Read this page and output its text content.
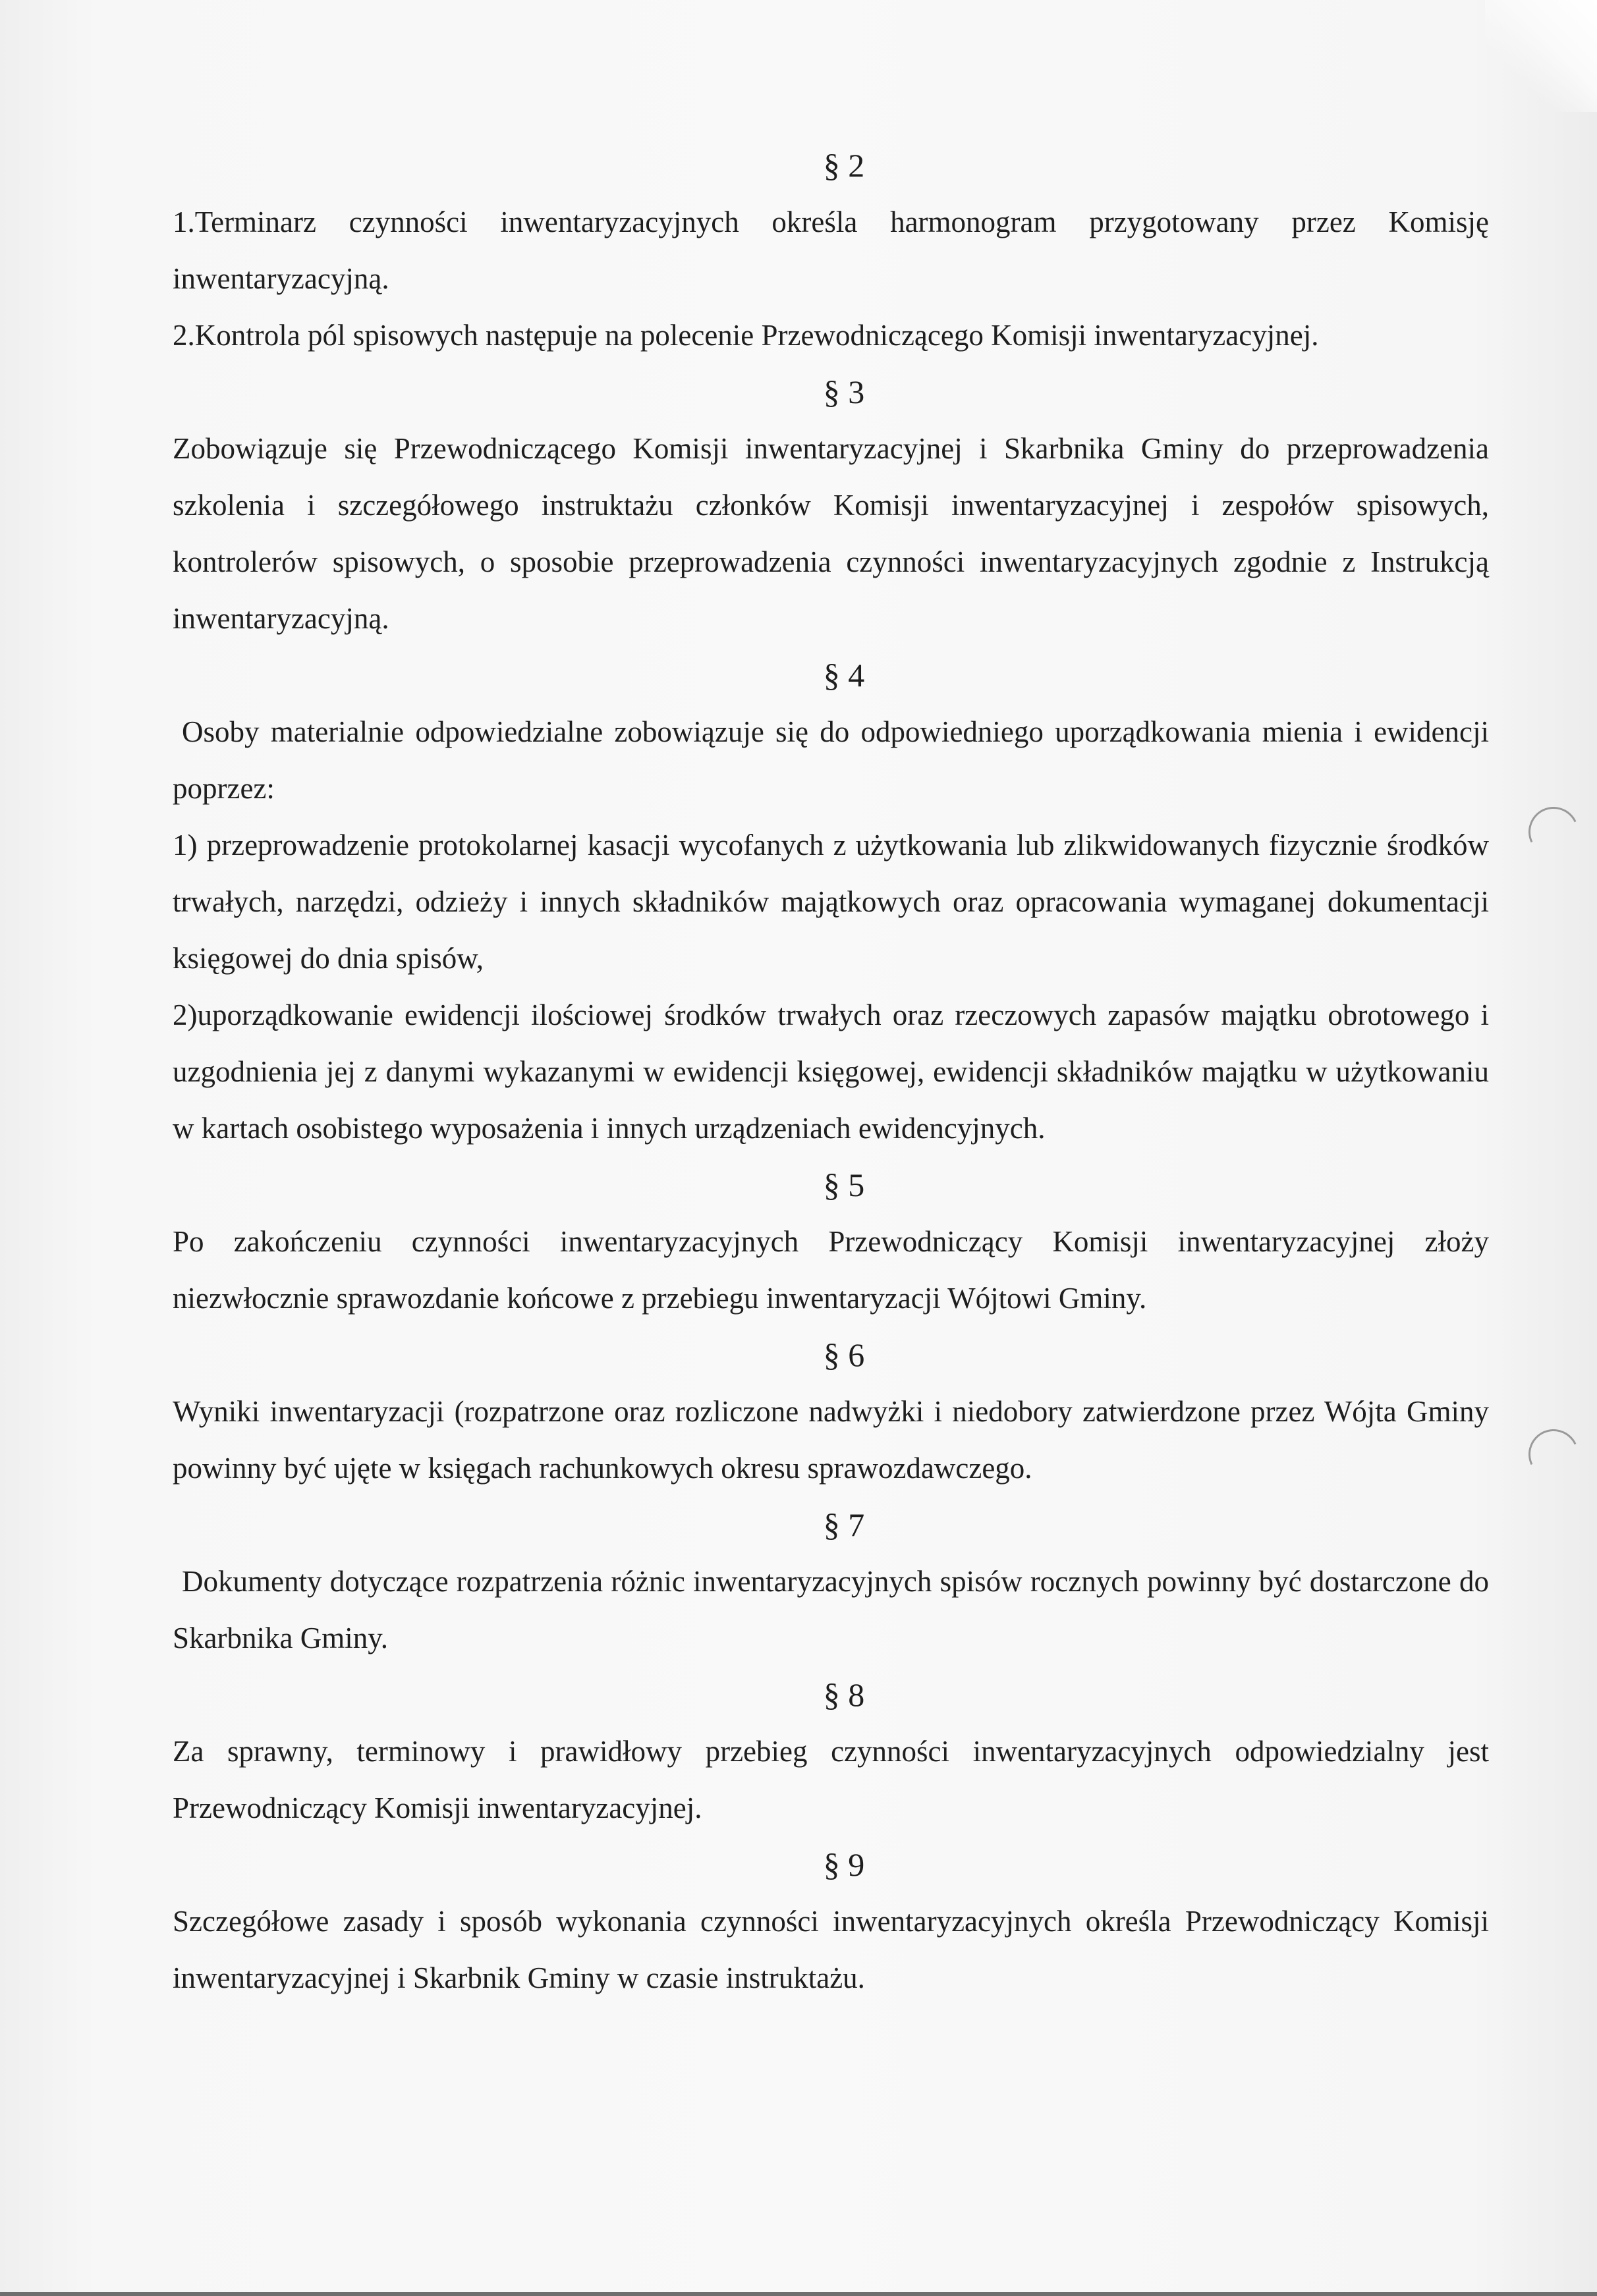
§ 2

1.Terminarz czynności inwentaryzacyjnych określa harmonogram przygotowany przez Komisję inwentaryzacyjną.

2.Kontrola pól spisowych następuje na polecenie Przewodniczącego Komisji inwentaryzacyjnej.

§ 3

Zobowiązuje się Przewodniczącego Komisji inwentaryzacyjnej i Skarbnika Gminy do przeprowadzenia szkolenia i szczegółowego instruktażu członków Komisji inwentaryzacyjnej i zespołów spisowych, kontrolerów spisowych, o sposobie przeprowadzenia czynności inwentaryzacyjnych zgodnie z Instrukcją inwentaryzacyjną.

§ 4

Osoby materialnie odpowiedzialne zobowiązuje się do odpowiedniego uporządkowania mienia i ewidencji poprzez:

1) przeprowadzenie protokolarnej kasacji wycofanych z użytkowania lub zlikwidowanych fizycznie środków trwałych, narzędzi, odzieży i innych składników majątkowych oraz opracowania wymaganej dokumentacji księgowej do dnia spisów,

2)uporządkowanie ewidencji ilościowej środków trwałych oraz rzeczowych zapasów majątku obrotowego i uzgodnienia jej z danymi wykazanymi w ewidencji księgowej, ewidencji składników majątku w użytkowaniu w kartach osobistego wyposażenia i innych urządzeniach ewidencyjnych.

§ 5

Po zakończeniu czynności inwentaryzacyjnych Przewodniczący Komisji inwentaryzacyjnej złoży niezwłocznie sprawozdanie końcowe z przebiegu inwentaryzacji Wójtowi Gminy.

§ 6

Wyniki inwentaryzacji (rozpatrzone oraz rozliczone nadwyżki i niedobory zatwierdzone przez Wójta Gminy powinny być ujęte w księgach rachunkowych okresu sprawozdawczego.

§ 7

Dokumenty dotyczące rozpatrzenia różnic inwentaryzacyjnych spisów rocznych powinny być dostarczone do Skarbnika Gminy.

§ 8

Za sprawny, terminowy i prawidłowy przebieg czynności inwentaryzacyjnych odpowiedzialny jest Przewodniczący Komisji inwentaryzacyjnej.

§ 9

Szczegółowe zasady i sposób wykonania czynności inwentaryzacyjnych określa Przewodniczący Komisji inwentaryzacyjnej i Skarbnik Gminy w czasie instruktażu.
